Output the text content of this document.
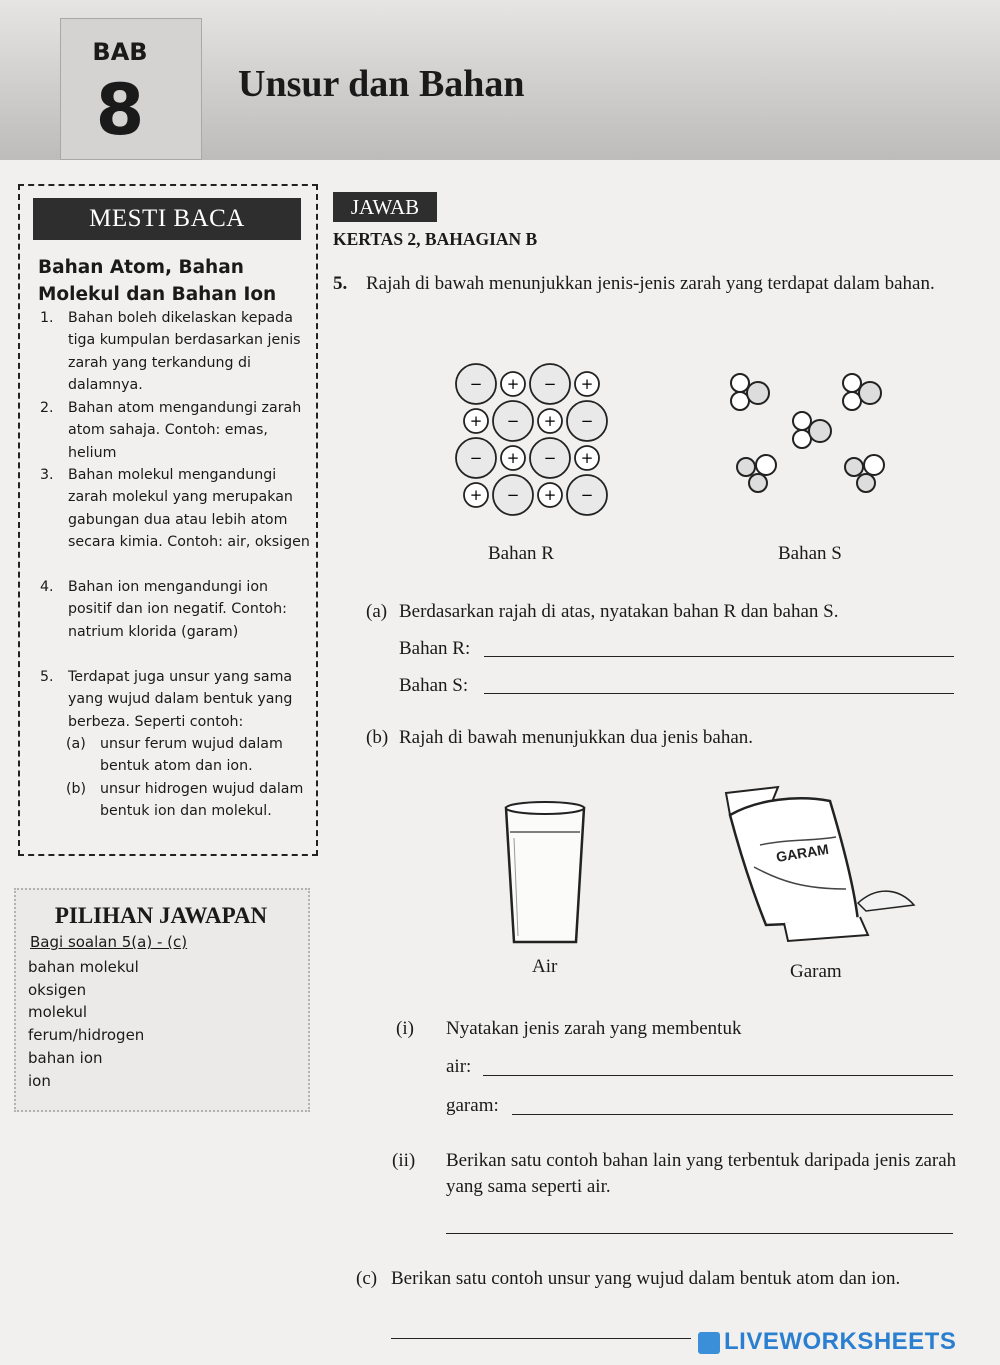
BAB
8	Unsur dan Bahan
MESTI BACA
Bahan Atom, Bahan Molekul dan Bahan Ion
1.	Bahan boleh dikelaskan kepada tiga kumpulan berdasarkan jenis zarah yang terkandung di dalamnya.
2.	Bahan atom mengandungi zarah atom sahaja. Contoh: emas, helium
3.	Bahan molekul mengandungi zarah molekul yang merupakan gabungan dua atau lebih atom secara kimia. Contoh: air, oksigen
4.	Bahan ion mengandungi ion positif dan ion negatif. Contoh: natrium klorida (garam)
5.	Terdapat juga unsur yang sama yang wujud dalam bentuk yang berbeza. Seperti contoh:
(a)	unsur ferum wujud dalam bentuk atom dan ion.
(b) unsur hidrogen wujud dalam bentuk ion dan molekul.
PILIHAN JAWAPAN
Bagi soalan 5(a) - (c)
bahan molekul
oksigen
molekul
ferum/hidrogen
bahan ion
ion
JAWAB
KERTAS 2, BAHAGIAN B
5. Rajah di bawah menunjukkan jenis-jenis zarah yang terdapat dalam bahan.
− + − +
+ − + −
− + − +
+ − + −
Bahan R	Bahan S
(a) Berdasarkan rajah di atas, nyatakan bahan R dan bahan S.
Bahan R:
Bahan S:
(b) Rajah di bawah menunjukkan dua jenis bahan.
GARAM
Air	Garam
(i) Nyatakan jenis zarah yang membentuk
air:
garam:
(ii) Berikan satu contoh bahan lain yang terbentuk daripada jenis zarah yang sama seperti air.
(c) Berikan satu contoh unsur yang wujud dalam bentuk atom dan ion.
LIVEWORKSHEETS
